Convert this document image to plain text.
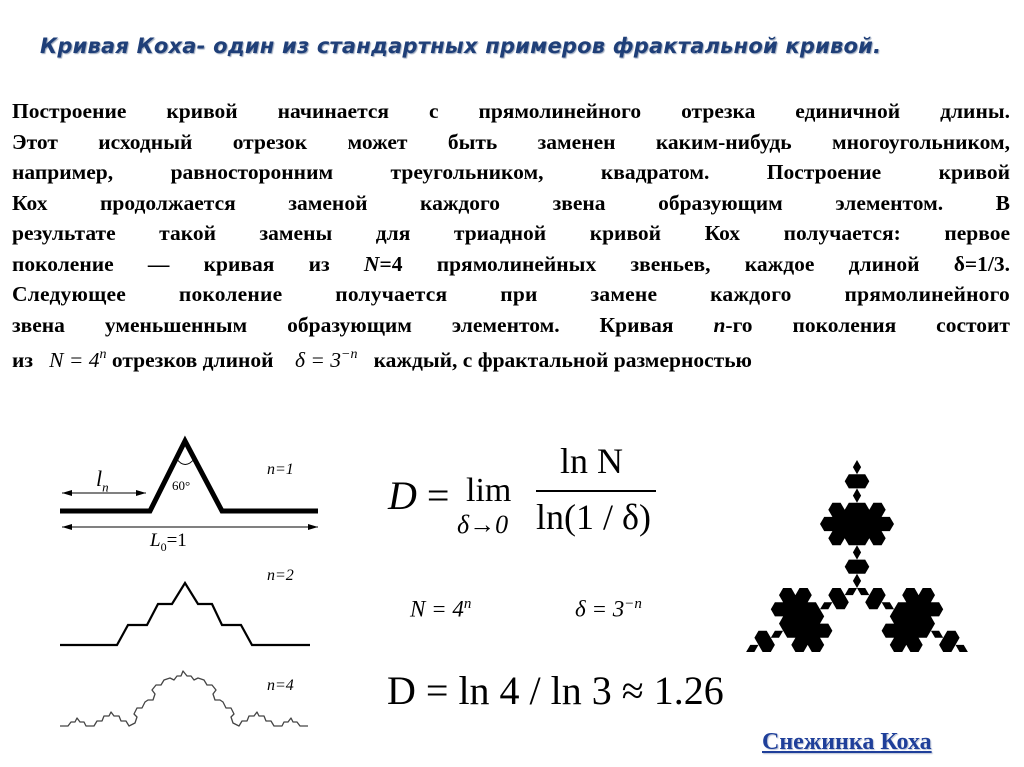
Кривая Коха- один из стандартных примеров фрактальной кривой.
Построение кривой начинается с прямолинейного отрезка единичной длины.
Этот исходный отрезок может быть заменен каким-нибудь многоугольником,
например, равносторонним треугольником, квадратом. Построение кривой
Кох продолжается заменой каждого звена образующим элементом. В
результате такой замены для триадной кривой Кох получается: первое
поколение — кривая из N=4 прямолинейных звеньев, каждое длиной δ=1/3.
Следующее поколение получается при замене каждого прямолинейного
звена уменьшенным образующим элементом. Кривая n-го поколения состоит
из $N = 4^n$ отрезков длиной $\delta = 3^{-n}$ каждый, с фрактальной размерностью
$l_n$	60°
n=1
$L_0=1$
n=2
n=4
D = lim
δ→0
ln N
ln(1 / δ)
$N = 4^n$	$\delta = 3^{-n}$
D = ln 4 / ln 3 ≈ 1.26
Снежинка Коха
